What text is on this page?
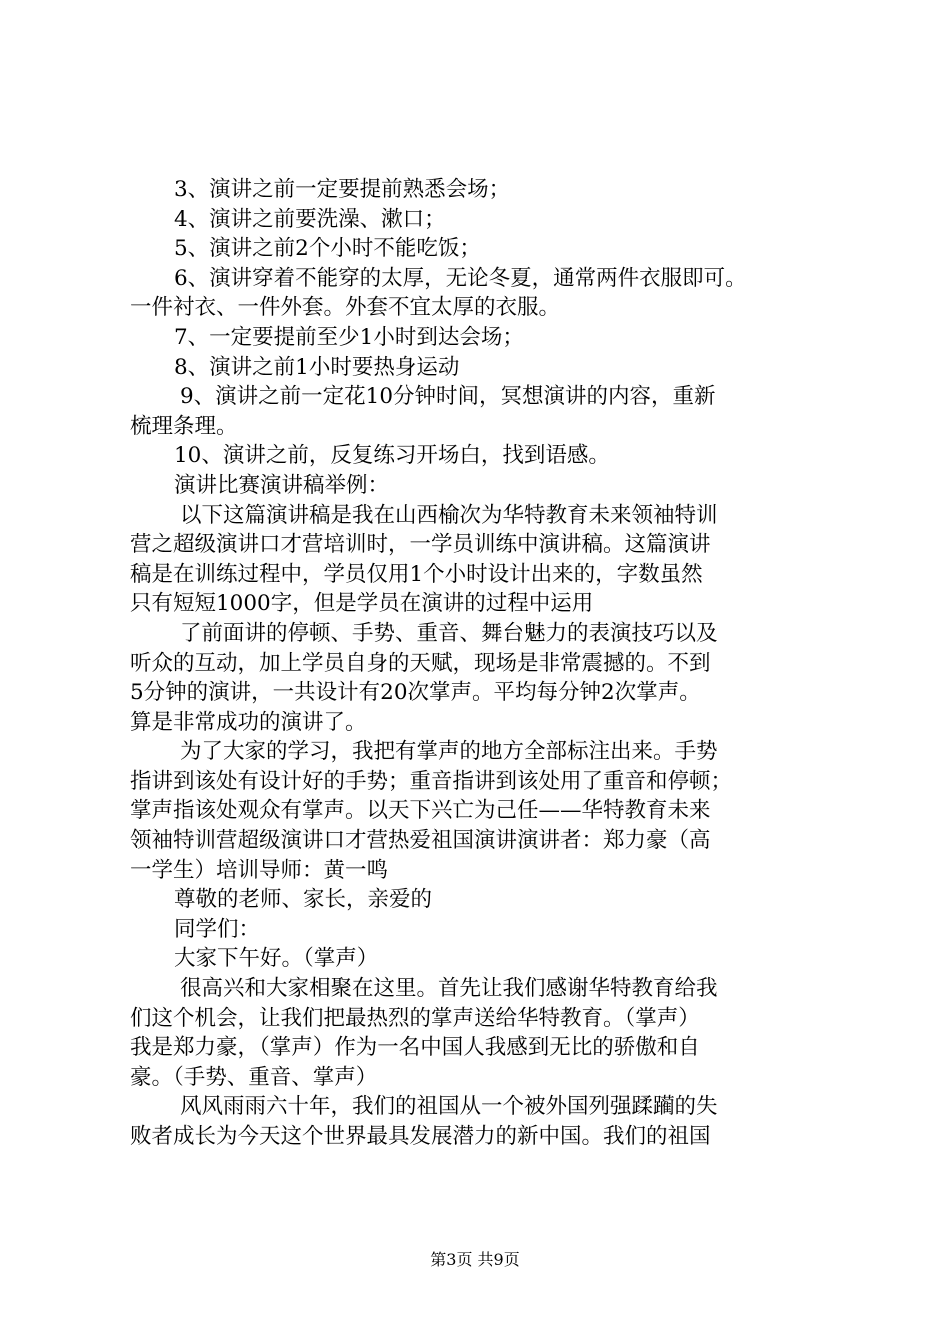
3、演讲之前一定要提前熟悉会场；
4、演讲之前要洗澡、漱口；
5、演讲之前2个小时不能吃饭；
6、演讲穿着不能穿的太厚，无论冬夏，通常两件衣服即可。
一件衬衣、一件外套。外套不宜太厚的衣服。
7、一定要提前至少1小时到达会场；
8、演讲之前1小时要热身运动
9、演讲之前一定花10分钟时间，冥想演讲的内容，重新
梳理条理。
10、演讲之前，反复练习开场白，找到语感。
演讲比赛演讲稿举例：
以下这篇演讲稿是我在山西榆次为华特教育未来领袖特训
营之超级演讲口才营培训时，一学员训练中演讲稿。这篇演讲
稿是在训练过程中，学员仅用1个小时设计出来的，字数虽然
只有短短1000字，但是学员在演讲的过程中运用
了前面讲的停顿、手势、重音、舞台魅力的表演技巧以及
听众的互动，加上学员自身的天赋，现场是非常震撼的。不到
5分钟的演讲，一共设计有20次掌声。平均每分钟2次掌声。
算是非常成功的演讲了。
为了大家的学习，我把有掌声的地方全部标注出来。手势
指讲到该处有设计好的手势；重音指讲到该处用了重音和停顿；
掌声指该处观众有掌声。以天下兴亡为己任——华特教育未来
领袖特训营超级演讲口才营热爱祖国演讲演讲者：郑力豪（高
一学生）培训导师：黄一鸣
尊敬的老师、家长，亲爱的
同学们：
大家下午好。（掌声）
很高兴和大家相聚在这里。首先让我们感谢华特教育给我
们这个机会，让我们把最热烈的掌声送给华特教育。（掌声）
我是郑力豪，（掌声）作为一名中国人我感到无比的骄傲和自
豪。（手势、重音、掌声）
风风雨雨六十年，我们的祖国从一个被外国列强蹂躏的失
败者成长为今天这个世界最具发展潜力的新中国。我们的祖国
第3页 共9页
